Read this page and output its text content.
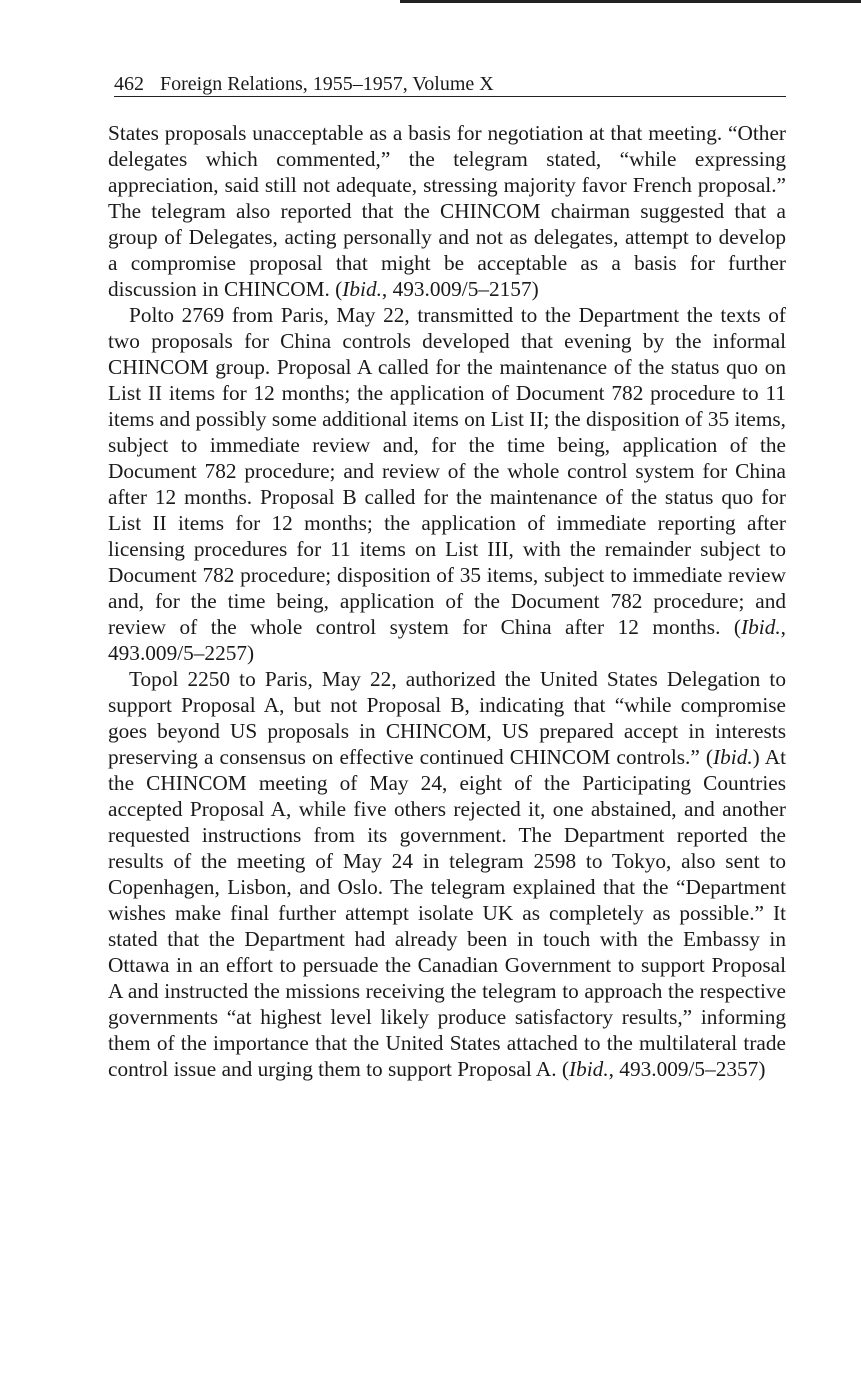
462 Foreign Relations, 1955–1957, Volume X

States proposals unacceptable as a basis for negotiation at that meeting. “Other delegates which commented,” the telegram stated, “while expressing appreciation, said still not adequate, stressing majority favor French proposal.” The telegram also reported that the CHINCOM chairman suggested that a group of Delegates, acting personally and not as delegates, attempt to develop a compromise proposal that might be acceptable as a basis for further discussion in CHINCOM. (Ibid., 493.009/5–2157)

Polto 2769 from Paris, May 22, transmitted to the Department the texts of two proposals for China controls developed that evening by the informal CHINCOM group. Proposal A called for the maintenance of the status quo on List II items for 12 months; the application of Document 782 procedure to 11 items and possibly some additional items on List II; the disposition of 35 items, subject to immediate review and, for the time being, application of the Document 782 procedure; and review of the whole control system for China after 12 months. Proposal B called for the maintenance of the status quo for List II items for 12 months; the application of immediate reporting after licensing procedures for 11 items on List III, with the remainder subject to Document 782 procedure; disposition of 35 items, subject to immediate review and, for the time being, application of the Document 782 procedure; and review of the whole control system for China after 12 months. (Ibid., 493.009/5–2257)

Topol 2250 to Paris, May 22, authorized the United States Delegation to support Proposal A, but not Proposal B, indicating that “while compromise goes beyond US proposals in CHINCOM, US prepared accept in interests preserving a consensus on effective continued CHINCOM controls.” (Ibid.) At the CHINCOM meeting of May 24, eight of the Participating Countries accepted Proposal A, while five others rejected it, one abstained, and another requested instructions from its government. The Department reported the results of the meeting of May 24 in telegram 2598 to Tokyo, also sent to Copenhagen, Lisbon, and Oslo. The telegram explained that the “Department wishes make final further attempt isolate UK as completely as possible.” It stated that the Department had already been in touch with the Embassy in Ottawa in an effort to persuade the Canadian Government to support Proposal A and instructed the missions receiving the telegram to approach the respective governments “at highest level likely produce satisfactory results,” informing them of the importance that the United States attached to the multilateral trade control issue and urging them to support Proposal A. (Ibid., 493.009/5–2357)
